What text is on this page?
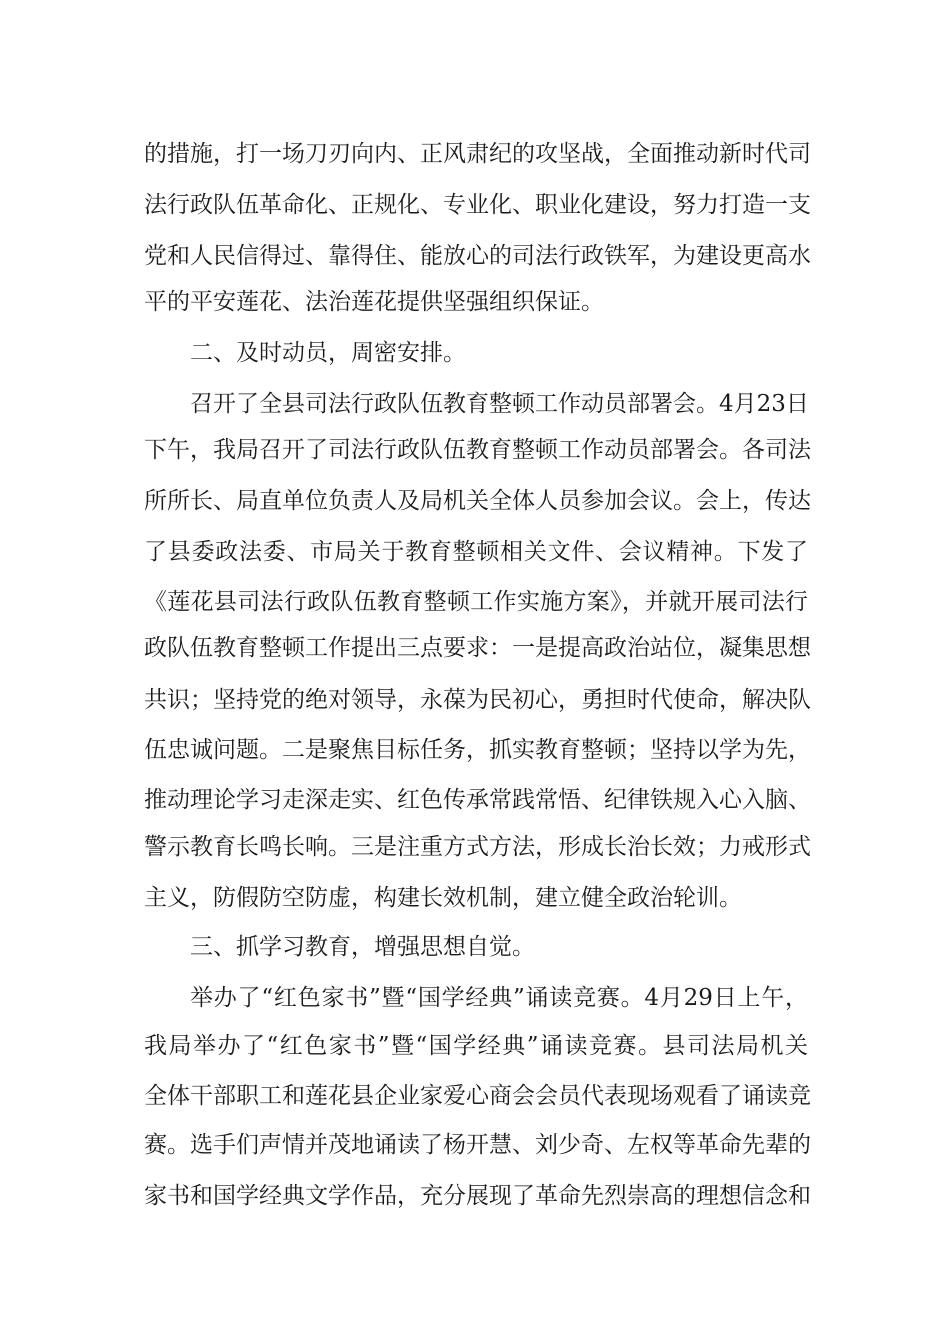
的措施，打一场刀刃向内、正风肃纪的攻坚战，全面推动新时代司
法行政队伍革命化、正规化、专业化、职业化建设，努力打造一支
党和人民信得过、靠得住、能放心的司法行政铁军，为建设更高水
平的平安莲花、法治莲花提供坚强组织保证。
二、及时动员，周密安排。
召开了全县司法行政队伍教育整顿工作动员部署会。4月23日
下午，我局召开了司法行政队伍教育整顿工作动员部署会。各司法
所所长、局直单位负责人及局机关全体人员参加会议。会上，传达
了县委政法委、市局关于教育整顿相关文件、会议精神。下发了
《莲花县司法行政队伍教育整顿工作实施方案》，并就开展司法行
政队伍教育整顿工作提出三点要求：一是提高政治站位，凝集思想
共识；坚持党的绝对领导，永葆为民初心，勇担时代使命，解决队
伍忠诚问题。二是聚焦目标任务，抓实教育整顿；坚持以学为先，
推动理论学习走深走实、红色传承常践常悟、纪律铁规入心入脑、
警示教育长鸣长响。三是注重方式方法，形成长治长效；力戒形式
主义，防假防空防虚，构建长效机制，建立健全政治轮训。
三、抓学习教育，增强思想自觉。
举办了“红色家书”暨“国学经典”诵读竞赛。4月29日上午，
我局举办了“红色家书”暨“国学经典”诵读竞赛。县司法局机关
全体干部职工和莲花县企业家爱心商会会员代表现场观看了诵读竞
赛。选手们声情并茂地诵读了杨开慧、刘少奇、左权等革命先辈的
家书和国学经典文学作品，充分展现了革命先烈崇高的理想信念和
